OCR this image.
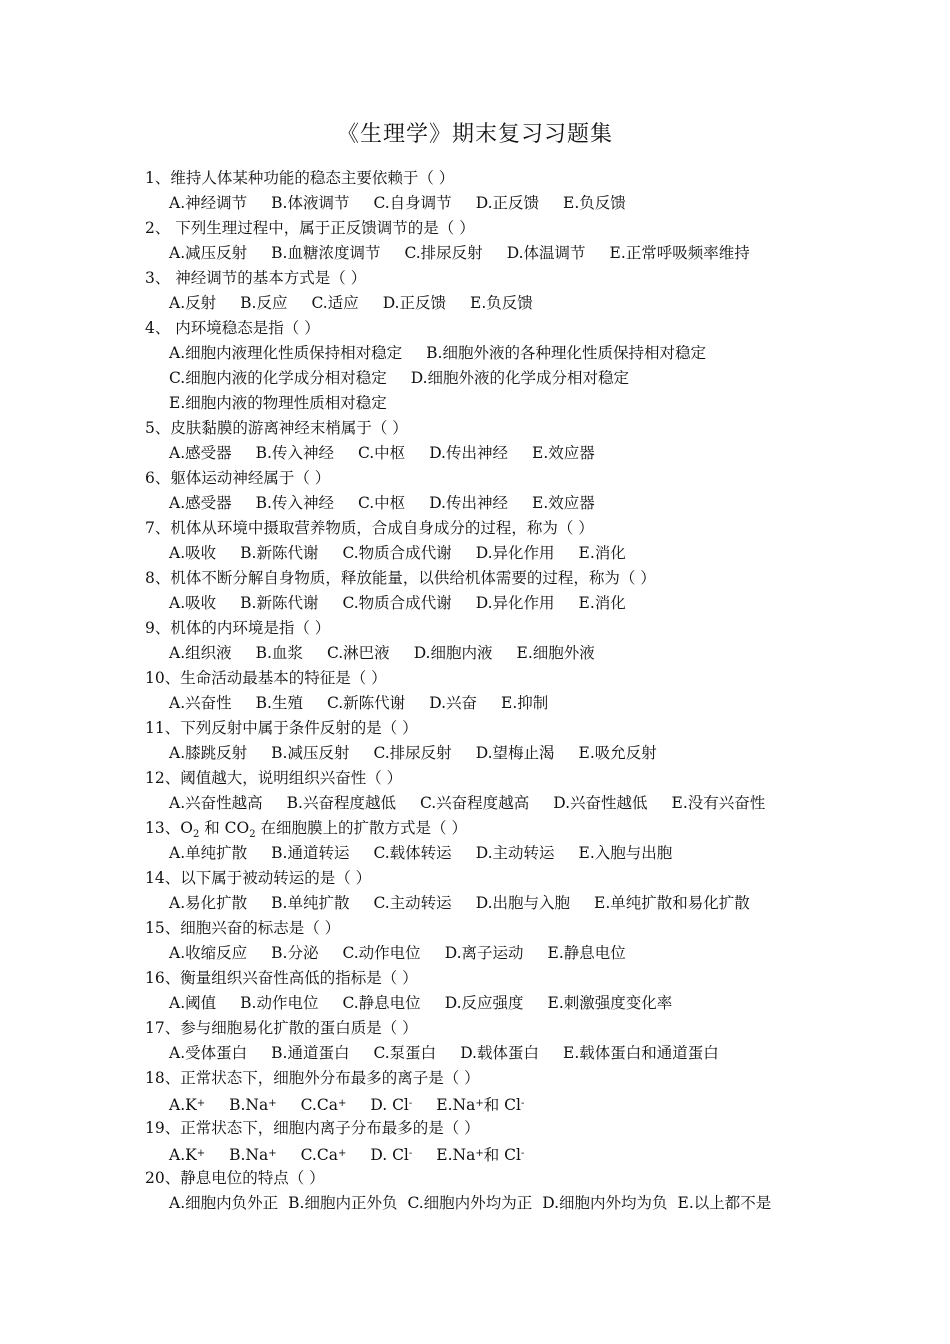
《生理学》期末复习习题集
1、维持人体某种功能的稳态主要依赖于（ ）
A.神经调节 B.体液调节 C.自身调节 D.正反馈 E.负反馈
2、 下列生理过程中，属于正反馈调节的是（ ）
A.减压反射 B.血糖浓度调节 C.排尿反射 D.体温调节 E.正常呼吸频率维持
3、 神经调节的基本方式是（ ）
A.反射 B.反应 C.适应 D.正反馈 E.负反馈
4、 内环境稳态是指（ ）
A.细胞内液理化性质保持相对稳定 B.细胞外液的各种理化性质保持相对稳定
C.细胞内液的化学成分相对稳定 D.细胞外液的化学成分相对稳定
E.细胞内液的物理性质相对稳定
5、皮肤黏膜的游离神经末梢属于（ ）
A.感受器 B.传入神经 C.中枢 D.传出神经 E.效应器
6、躯体运动神经属于（ ）
A.感受器 B.传入神经 C.中枢 D.传出神经 E.效应器
7、机体从环境中摄取营养物质，合成自身成分的过程，称为（ ）
A.吸收 B.新陈代谢 C.物质合成代谢 D.异化作用 E.消化
8、机体不断分解自身物质，释放能量，以供给机体需要的过程，称为（ ）
A.吸收 B.新陈代谢 C.物质合成代谢 D.异化作用 E.消化
9、机体的内环境是指（ ）
A.组织液 B.血浆 C.淋巴液 D.细胞内液 E.细胞外液
10、生命活动最基本的特征是（ ）
A.兴奋性 B.生殖 C.新陈代谢 D.兴奋 E.抑制
11、下列反射中属于条件反射的是（ ）
A.膝跳反射 B.减压反射 C.排尿反射 D.望梅止渴 E.吸允反射
12、阈值越大，说明组织兴奋性（ ）
A.兴奋性越高 B.兴奋程度越低 C.兴奋程度越高 D.兴奋性越低 E.没有兴奋性
13、$O_2$ 和 $CO_2$ 在细胞膜上的扩散方式是（ ）
A.单纯扩散 B.通道转运 C.载体转运 D.主动转运 E.入胞与出胞
14、以下属于被动转运的是（ ）
A.易化扩散 B.单纯扩散 C.主动转运 D.出胞与入胞 E.单纯扩散和易化扩散
15、细胞兴奋的标志是（ ）
A.收缩反应 B.分泌 C.动作电位 D.离子运动 E.静息电位
16、衡量组织兴奋性高低的指标是（ ）
A.阈值 B.动作电位 C.静息电位 D.反应强度 E.刺激强度变化率
17、参与细胞易化扩散的蛋白质是（ ）
A.受体蛋白 B.通道蛋白 C.泵蛋白 D.载体蛋白 E.载体蛋白和通道蛋白
18、正常状态下，细胞外分布最多的离子是（ ）
A.K+ B.Na+ C.Ca+ D. Cl- E.Na+和 Cl-
19、正常状态下，细胞内离子分布最多的是（ ）
A.K+ B.Na+ C.Ca+ D. Cl- E.Na+和 Cl-
20、静息电位的特点（ ）
A.细胞内负外正 B.细胞内正外负 C.细胞内外均为正 D.细胞内外均为负 E.以上都不是
